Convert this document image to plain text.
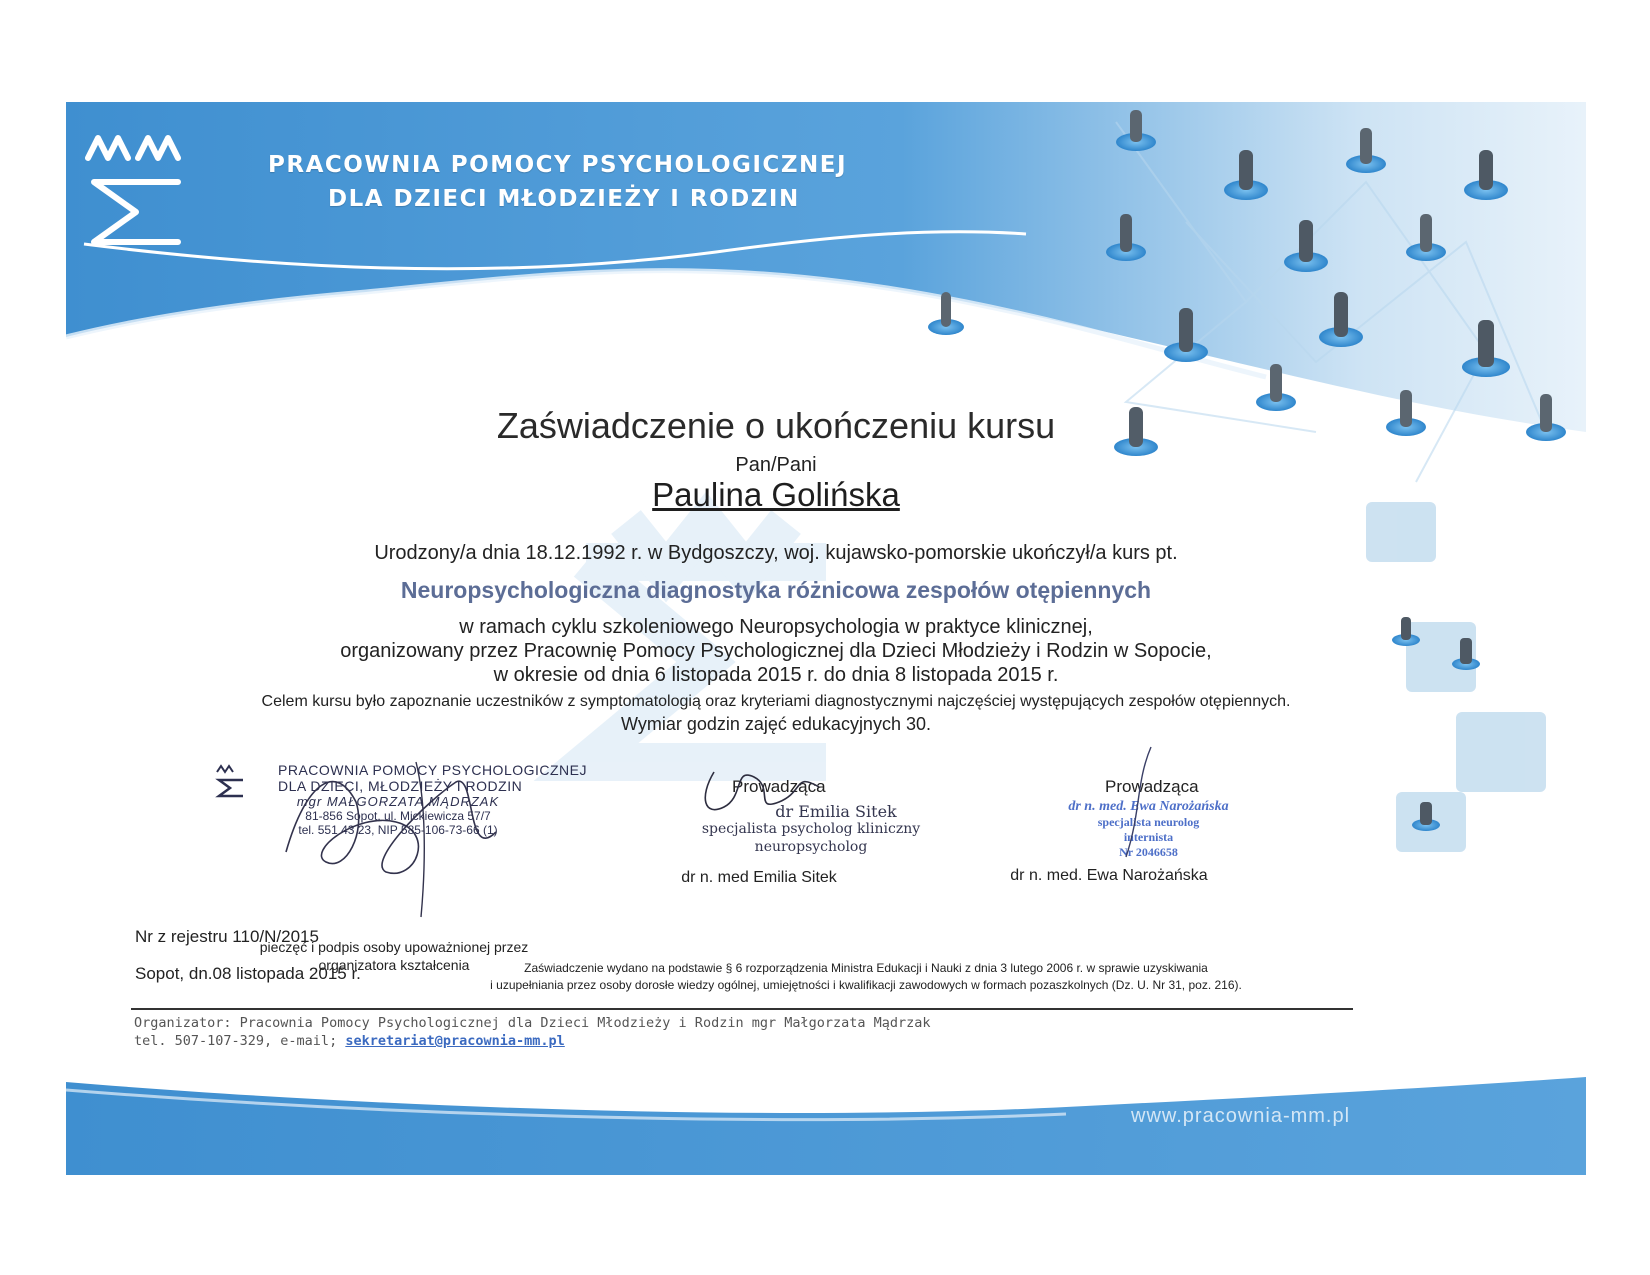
PRACOWNIA POMOCY PSYCHOLOGICZNEJ
DLA DZIECI MŁODZIEŻY I RODZIN
Zaświadczenie o ukończeniu kursu
Pan/Pani
Paulina Golińska
Urodzony/a dnia 18.12.1992 r. w Bydgoszczy, woj. kujawsko-pomorskie ukończył/a kurs pt.
Neuropsychologiczna diagnostyka różnicowa zespołów otępiennych
w ramach cyklu szkoleniowego Neuropsychologia w praktyce klinicznej,
organizowany przez Pracownię Pomocy Psychologicznej dla Dzieci Młodzieży i Rodzin w Sopocie,
w okresie od dnia 6 listopada 2015 r. do dnia 8 listopada 2015 r.
Celem kursu było zapoznanie uczestników z symptomatologią oraz kryteriami diagnostycznymi najczęściej występujących zespołów otępiennych.
Wymiar godzin zajęć edukacyjnych 30.
PRACOWNIA POMOCY PSYCHOLOGICZNEJ
DLA DZIECI, MŁODZIEŻY I RODZIN
mgr MAŁGORZATA MĄDRZAK
81-856 Sopot, ul. Mickiewicza 57/7
tel. 551 43 23, NIP 585-106-73-66 (1)
pieczęć i podpis osoby upoważnionej przez
organizatora kształcenia
Prowadząca
dr Emilia Sitek
specjalista psycholog kliniczny
neuropsycholog
dr n. med Emilia Sitek
Prowadząca
dr n. med. Ewa Narożańska
specjalista neurolog
internista
Nr 2046658
dr n. med. Ewa Narożańska
Nr z rejestru 110/N/2015
Sopot, dn.08 listopada 2015 r.	Zaświadczenie wydano na podstawie § 6 rozporządzenia Ministra Edukacji i Nauki z dnia 3 lutego 2006 r. w sprawie uzyskiwania
i uzupełniania przez osoby dorosłe wiedzy ogólnej, umiejętności i kwalifikacji zawodowych w formach pozaszkolnych (Dz. U. Nr 31, poz. 216).
Organizator: Pracownia Pomocy Psychologicznej dla Dzieci Młodzieży i Rodzin mgr Małgorzata Mądrzak
tel. 507-107-329, e-mail; sekretariat@pracownia-mm.pl
www.pracownia-mm.pl
